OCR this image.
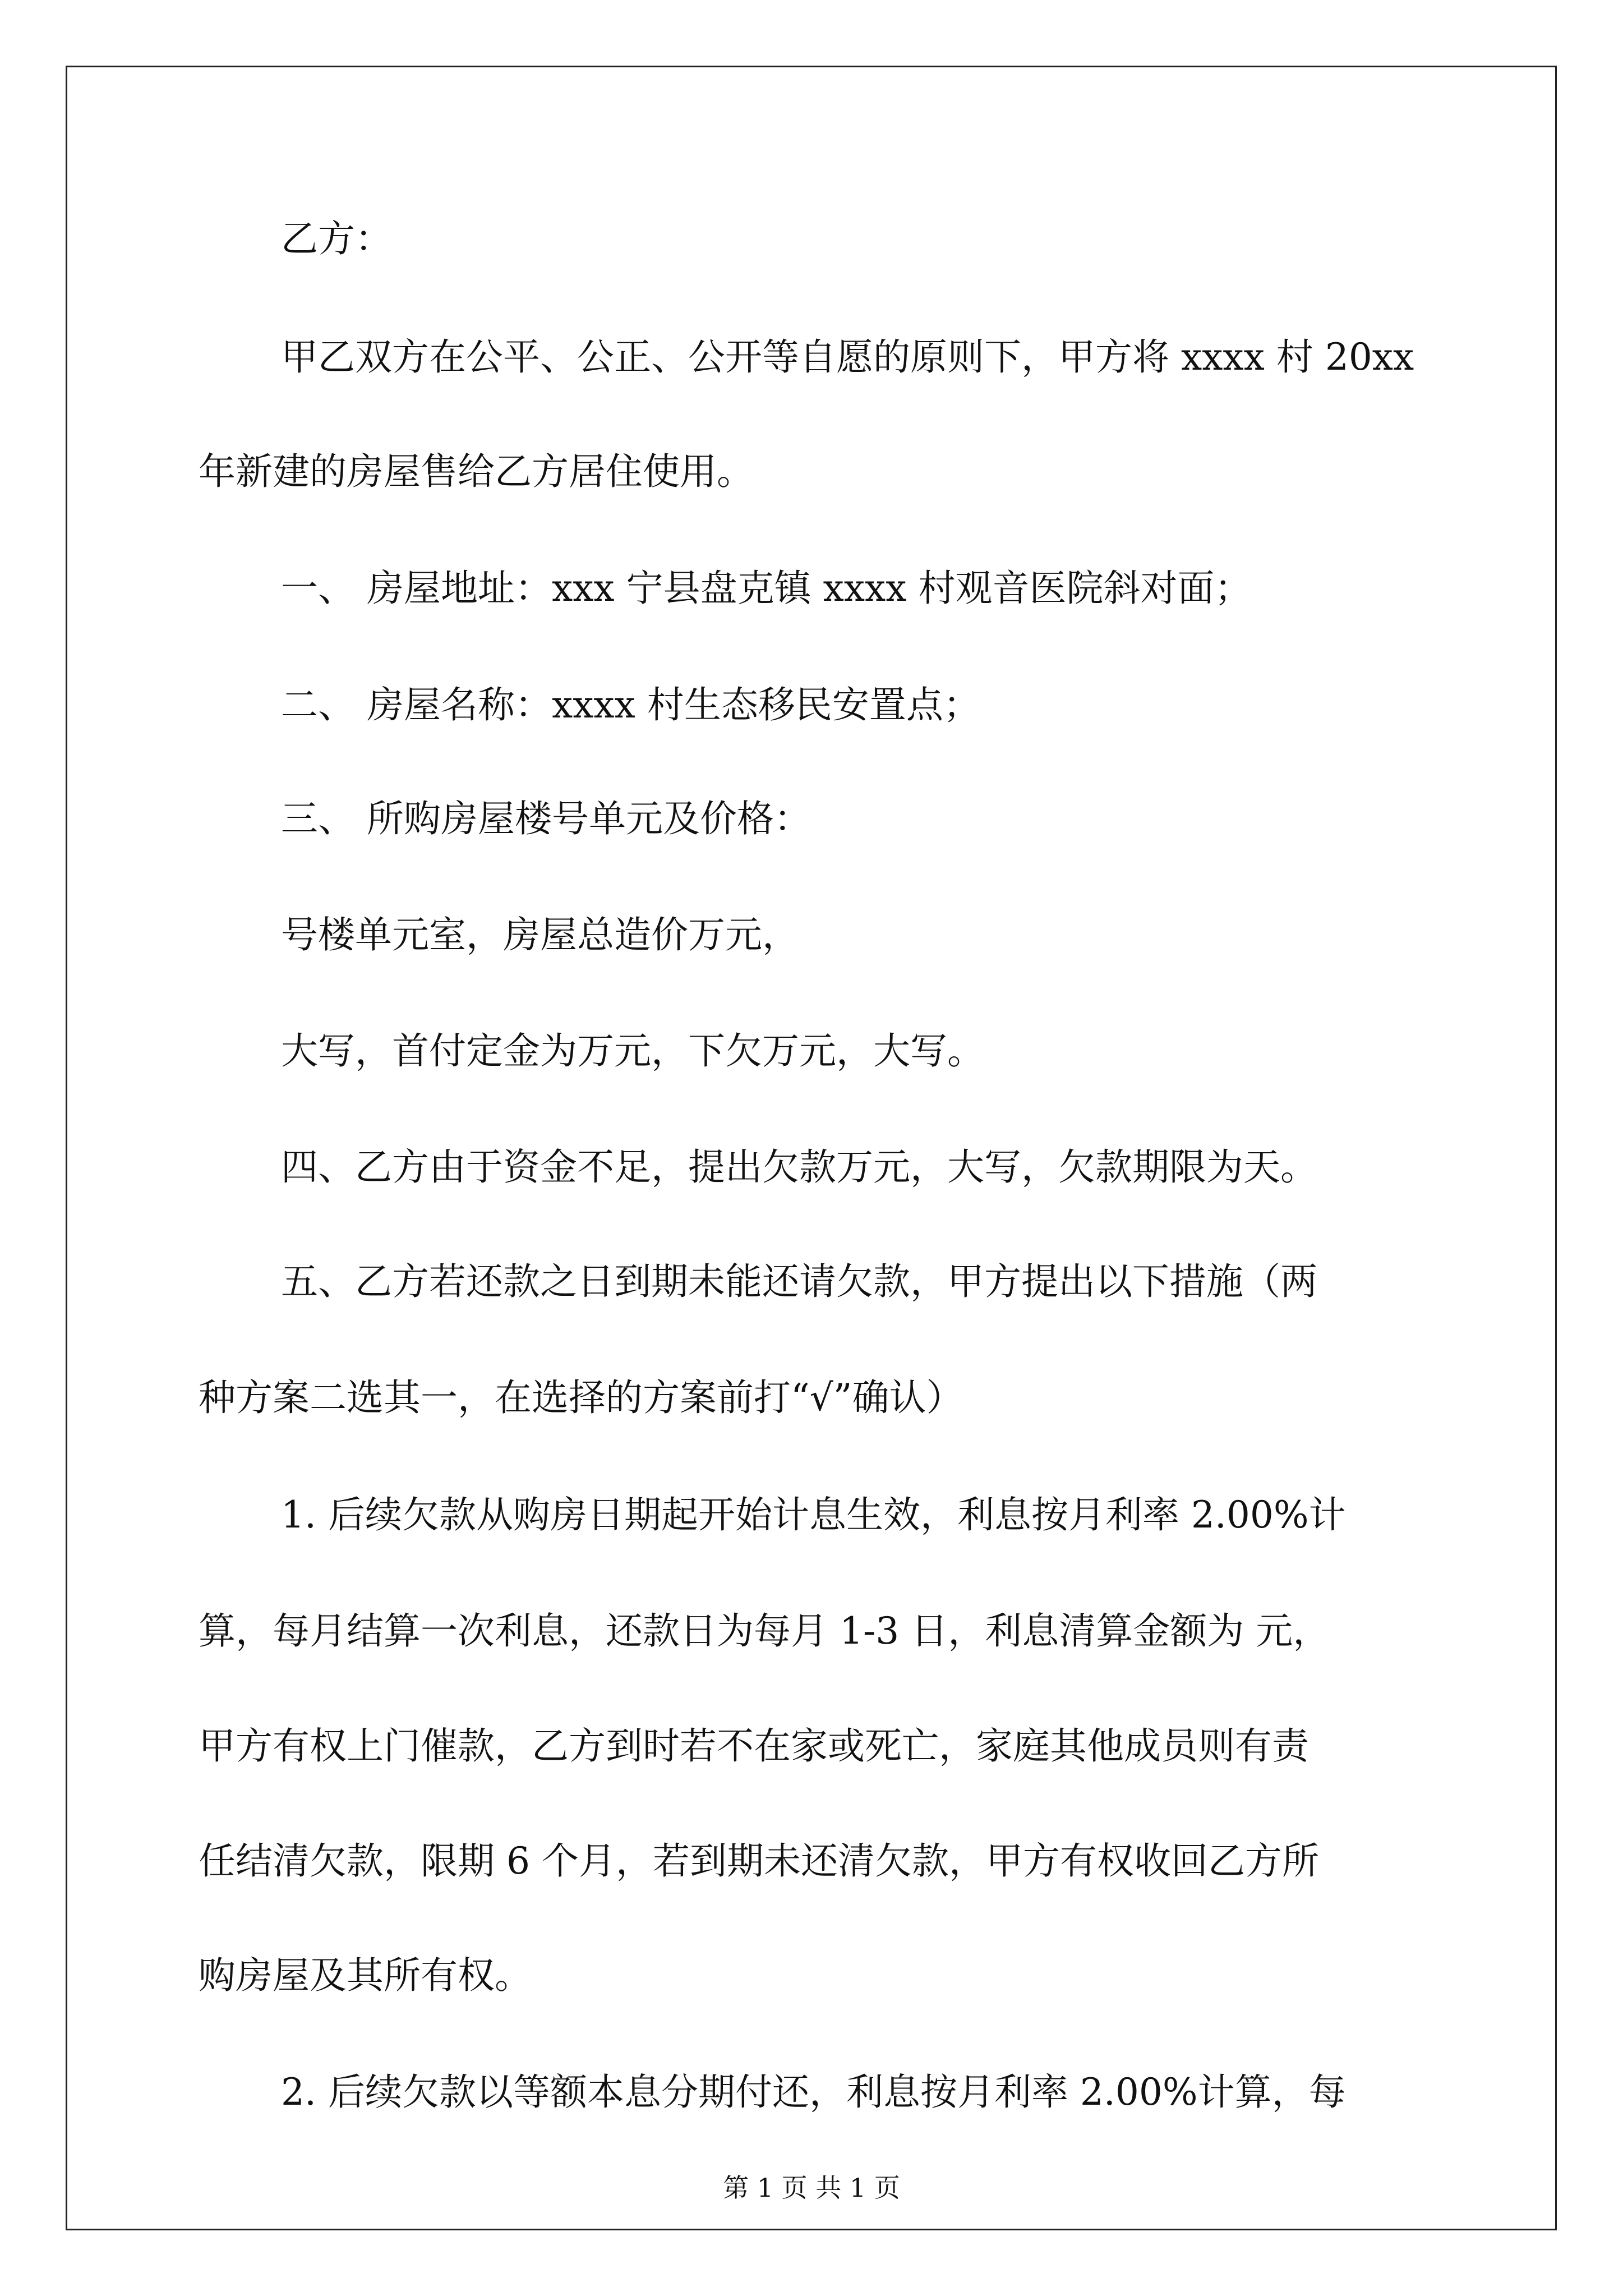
乙方：
甲乙双方在公平、公正、公开等自愿的原则下，甲方将 xxxx 村 20xx
年新建的房屋售给乙方居住使用。
一、 房屋地址：xxx 宁县盘克镇 xxxx 村观音医院斜对面；
二、 房屋名称：xxxx 村生态移民安置点；
三、 所购房屋楼号单元及价格：
号楼单元室，房屋总造价万元，
大写，首付定金为万元，下欠万元，大写。
四、乙方由于资金不足，提出欠款万元，大写，欠款期限为天。
五、乙方若还款之日到期未能还请欠款，甲方提出以下措施（两
种方案二选其一，在选择的方案前打“√”确认）
1. 后续欠款从购房日期起开始计息生效，利息按月利率 2.00%计
算，每月结算一次利息，还款日为每月 1-3 日，利息清算金额为 元，
甲方有权上门催款，乙方到时若不在家或死亡，家庭其他成员则有责
任结清欠款，限期 6 个月，若到期未还清欠款，甲方有权收回乙方所
购房屋及其所有权。
2. 后续欠款以等额本息分期付还，利息按月利率 2.00%计算，每
第 1 页 共 1 页
